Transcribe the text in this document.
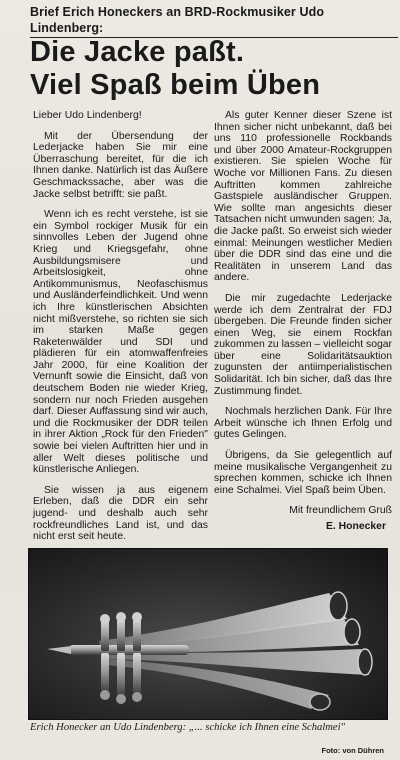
Brief Erich Honeckers an BRD-Rockmusiker Udo Lindenberg:
Die Jacke paßt.
Viel Spaß beim Üben

Lieber Udo Lindenberg!

Mit der Übersendung der Lederjacke haben Sie mir eine Überraschung bereitet, für die ich Ihnen danke. Natürlich ist das Äußere Geschmackssache, aber was die Jacke selbst betrifft: sie paßt.

Wenn ich es recht verstehe, ist sie ein Symbol rockiger Musik für ein sinnvolles Leben der Jugend ohne Krieg und Kriegsgefahr, ohne Ausbildungsmisere und Arbeitslosigkeit, ohne Antikommunismus, Neofaschismus und Ausländerfeindlichkeit. Und wenn ich Ihre künstlerischen Absichten nicht mißverstehe, so richten sie sich im starken Maße gegen Raketenwälder und SDI und plädieren für ein atomwaffenfreies Jahr 2000, für eine Koalition der Vernunft sowie die Einsicht, daß von deutschem Boden nie wieder Krieg, sondern nur noch Frieden ausgehen darf. Dieser Auffassung sind wir auch, und die Rockmusiker der DDR teilen in ihrer Aktion „Rock für den Frieden" sowie bei vielen Auftritten hier und in aller Welt dieses politische und künstlerische Anliegen.

Sie wissen ja aus eigenem Erleben, daß die DDR ein sehr jugend- und deshalb auch sehr rockfreundliches Land ist, und das nicht erst seit heute.

Als guter Kenner dieser Szene ist Ihnen sicher nicht unbekannt, daß bei uns 110 professionelle Rockbands und über 2000 Amateur-Rockgruppen existieren. Sie spielen Woche für Woche vor Millionen Fans. Zu diesen Auftritten kommen zahlreiche Gastspiele ausländischer Gruppen. Wie sollte man angesichts dieser Tatsachen nicht umwunden sagen: Ja, die Jacke paßt. So erweist sich wieder einmal: Meinungen westlicher Medien über die DDR sind das eine und die Realitäten in unserem Land das andere.

Die mir zugedachte Lederjacke werde ich dem Zentralrat der FDJ übergeben. Die Freunde finden sicher einen Weg, sie einem Rockfan zukommen zu lassen – vielleicht sogar über eine Solidaritätsauktion zugunsten der antiimperialistischen Solidarität. Ich bin sicher, daß das Ihre Zustimmung findet.

Nochmals herzlichen Dank. Für Ihre Arbeit wünsche ich Ihnen Erfolg und gutes Gelingen.

Übrigens, da Sie gelegentlich auf meine musikalische Vergangenheit zu sprechen kommen, schicke ich Ihnen eine Schalmei. Viel Spaß beim Üben.

Mit freundlichem Gruß

E. Honecker

Erich Honecker an Udo Lindenberg: „... schicke ich Ihnen eine Schalmei"
Foto: von Dühren
